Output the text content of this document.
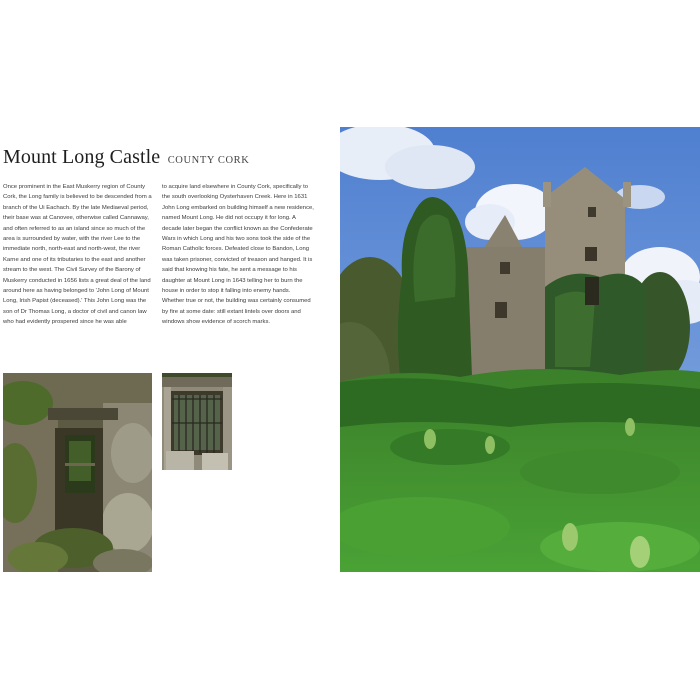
Mount Long Castle COUNTY CORK

Once prominent in the East Muskerry region of County Cork, the Long family is believed to be descended from a branch of the Ui Eachach. By the late Mediaeval period, their base was at Canovee, otherwise called Cannaway, and often referred to as an island since so much of the area is surrounded by water, with the river Lee to the immediate north, north-east and north-west, the river Karne and one of its tributaries to the east and another stream to the west. The Civil Survey of the Barony of Muskerry conducted in 1656 lists a great deal of the land around here as having belonged to 'John Long of Mount Long, Irish Papist (deceased).' This John Long was the son of Dr Thomas Long, a doctor of civil and canon law who had evidently prospered since he was able

to acquire land elsewhere in County Cork, specifically to the south overlooking Oysterhaven Creek. Here in 1631 John Long embarked on building himself a new residence, named Mount Long. He did not occupy it for long. A decade later began the conflict known as the Confederate Wars in which Long and his two sons took the side of the Roman Catholic forces. Defeated close to Bandon, Long was taken prisoner, convicted of treason and hanged. It is said that knowing his fate, he sent a message to his daughter at Mount Long in 1643 telling her to burn the house in order to stop it falling into enemy hands. Whether true or not, the building was certainly consumed by fire at some date: still extant lintels over doors and windows show evidence of scorch marks.
